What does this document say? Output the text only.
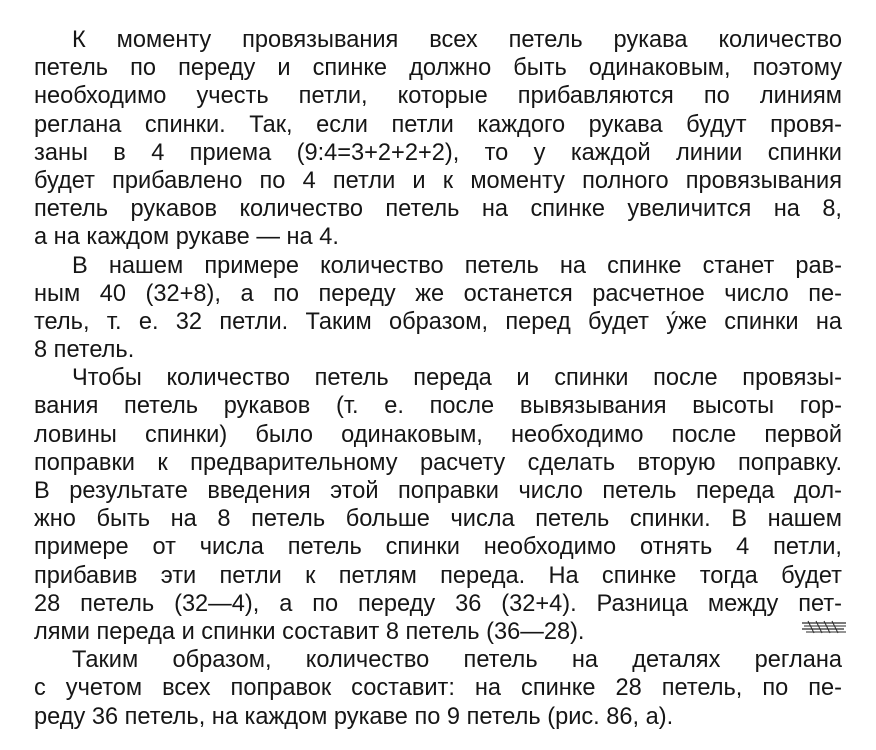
К моменту провязывания всех петель рукава количество
петель по переду и спинке должно быть одинаковым, поэтому
необходимо учесть петли, которые прибавляются по линиям
реглана спинки. Так, если петли каждого рукава будут провя-
заны в 4 приема (9:4=3+2+2+2), то у каждой линии спинки
будет прибавлено по 4 петли и к моменту полного провязывания
петель рукавов количество петель на спинке увеличится на 8,
а на каждом рукаве — на 4.

В нашем примере количество петель на спинке станет рав-
ным 40 (32+8), а по переду же останется расчетное число пе-
тель, т. е. 32 петли. Таким образом, перед будет у́же спинки на
8 петель.

Чтобы количество петель переда и спинки после провязы-
вания петель рукавов (т. е. после вывязывания высоты гор-
ловины спинки) было одинаковым, необходимо после первой
поправки к предварительному расчету сделать вторую поправку.
В результате введения этой поправки число петель переда дол-
жно быть на 8 петель больше числа петель спинки. В нашем
примере от числа петель спинки необходимо отнять 4 петли,
прибавив эти петли к петлям переда. На спинке тогда будет
28 петель (32—4), а по переду 36 (32+4). Разница между пет-
лями переда и спинки составит 8 петель (36—28).

Таким образом, количество петель на деталях реглана
с учетом всех поправок составит: на спинке 28 петель, по пе-
реду 36 петель, на каждом рукаве по 9 петель (рис. 86, а).
